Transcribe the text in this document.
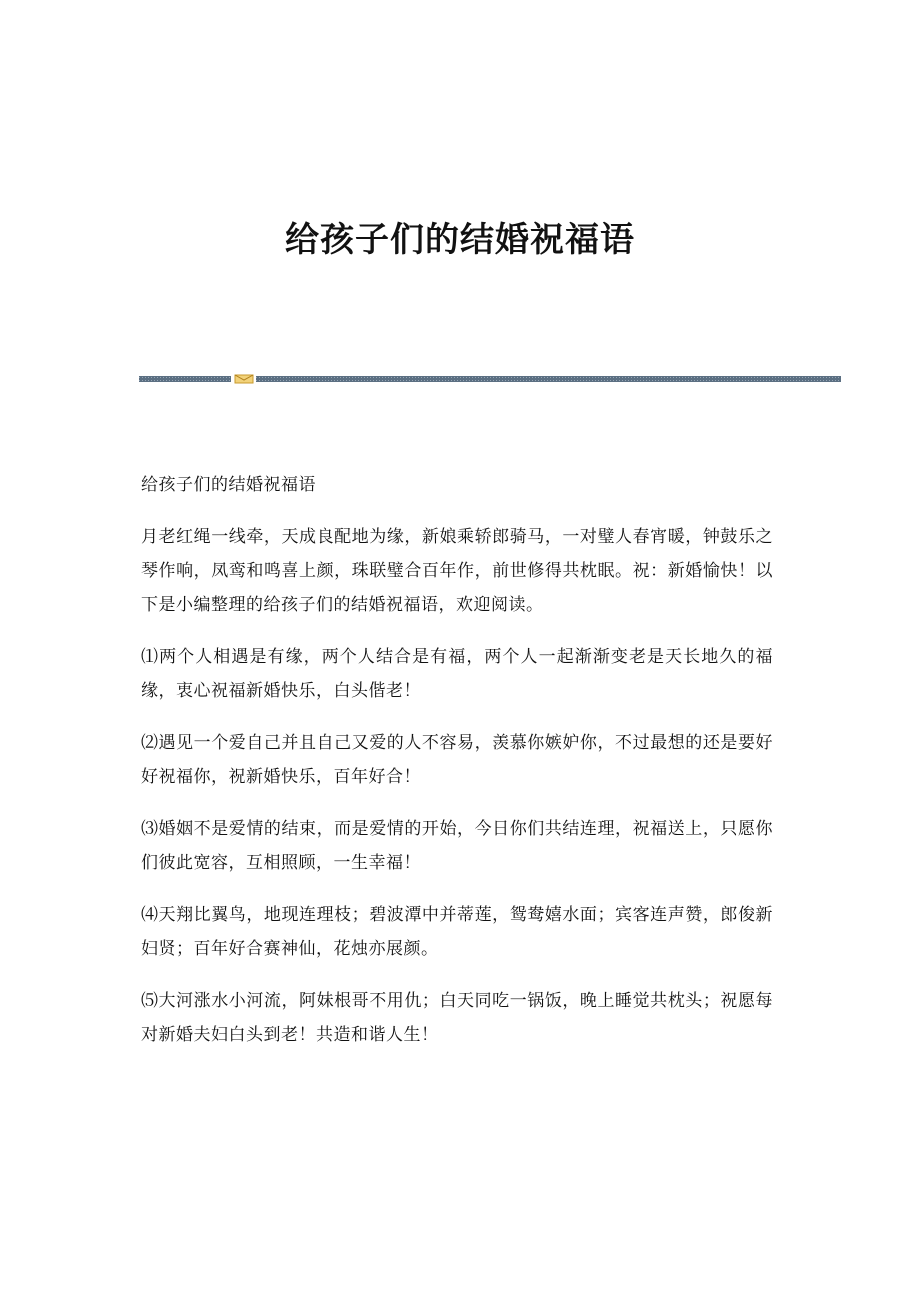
给孩子们的结婚祝福语

给孩子们的结婚祝福语

月老红绳一线牵，天成良配地为缘，新娘乘轿郎骑马，一对璧人春宵暖，钟鼓乐之琴作响，凤鸾和鸣喜上颜，珠联璧合百年作，前世修得共枕眠。祝：新婚愉快！以下是小编整理的给孩子们的结婚祝福语，欢迎阅读。

⑴两个人相遇是有缘，两个人结合是有福，两个人一起渐渐变老是天长地久的福缘，衷心祝福新婚快乐，白头偕老！

⑵遇见一个爱自己并且自己又爱的人不容易，羡慕你嫉妒你，不过最想的还是要好好祝福你，祝新婚快乐，百年好合！

⑶婚姻不是爱情的结束，而是爱情的开始，今日你们共结连理，祝福送上，只愿你们彼此宽容，互相照顾，一生幸福！

⑷天翔比翼鸟，地现连理枝；碧波潭中并蒂莲，鸳鸯嬉水面；宾客连声赞，郎俊新妇贤；百年好合赛神仙，花烛亦展颜。

⑸大河涨水小河流，阿妹根哥不用仇；白天同吃一锅饭，晚上睡觉共枕头；祝愿每对新婚夫妇白头到老！共造和谐人生！
